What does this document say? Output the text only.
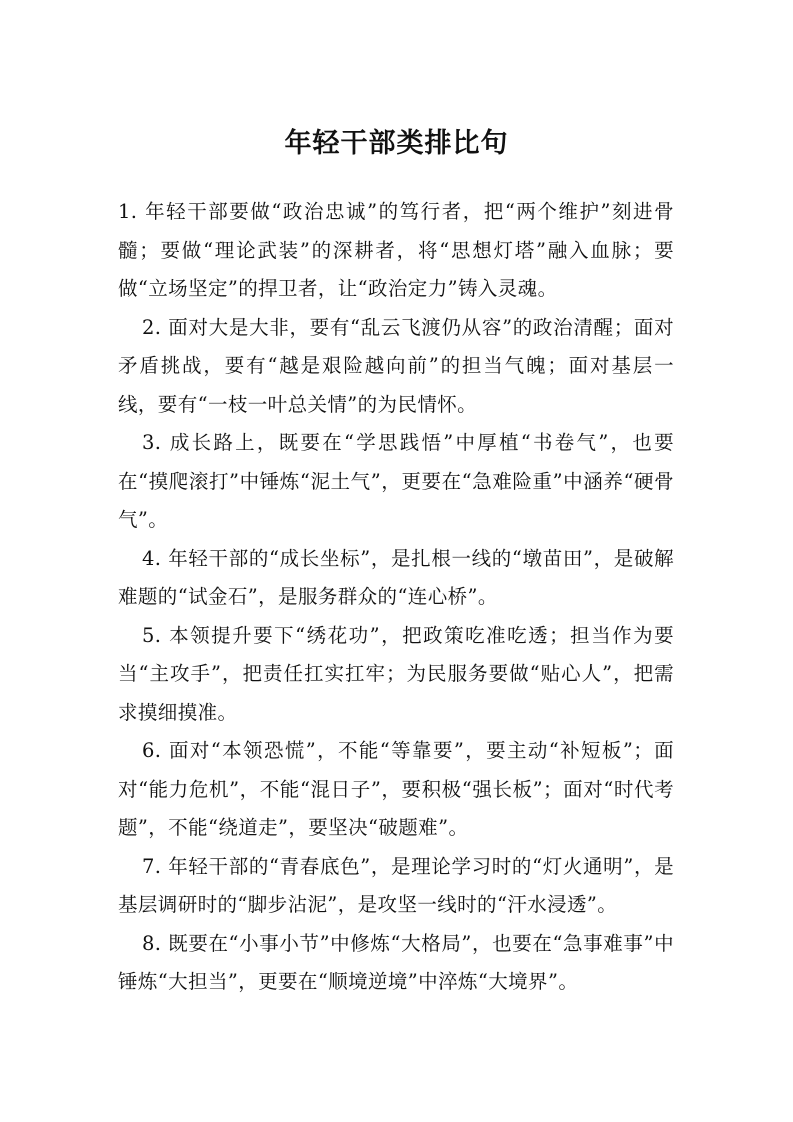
年轻干部类排比句

1. 年轻干部要做“政治忠诚”的笃行者，把“两个维护”刻进骨髓；要做“理论武装”的深耕者，将“思想灯塔”融入血脉；要做“立场坚定”的捍卫者，让“政治定力”铸入灵魂。

2. 面对大是大非，要有“乱云飞渡仍从容”的政治清醒；面对矛盾挑战，要有“越是艰险越向前”的担当气魄；面对基层一线，要有“一枝一叶总关情”的为民情怀。

3. 成长路上，既要在“学思践悟”中厚植“书卷气”，也要在“摸爬滚打”中锤炼“泥土气”，更要在“急难险重”中涵养“硬骨气”。

4. 年轻干部的“成长坐标”，是扎根一线的“墩苗田”，是破解难题的“试金石”，是服务群众的“连心桥”。

5. 本领提升要下“绣花功”，把政策吃准吃透；担当作为要当“主攻手”，把责任扛实扛牢；为民服务要做“贴心人”，把需求摸细摸准。

6. 面对“本领恐慌”，不能“等靠要”，要主动“补短板”；面对“能力危机”，不能“混日子”，要积极“强长板”；面对“时代考题”，不能“绕道走”，要坚决“破题难”。

7. 年轻干部的“青春底色”，是理论学习时的“灯火通明”，是基层调研时的“脚步沾泥”，是攻坚一线时的“汗水浸透”。

8. 既要在“小事小节”中修炼“大格局”，也要在“急事难事”中锤炼“大担当”，更要在“顺境逆境”中淬炼“大境界”。
